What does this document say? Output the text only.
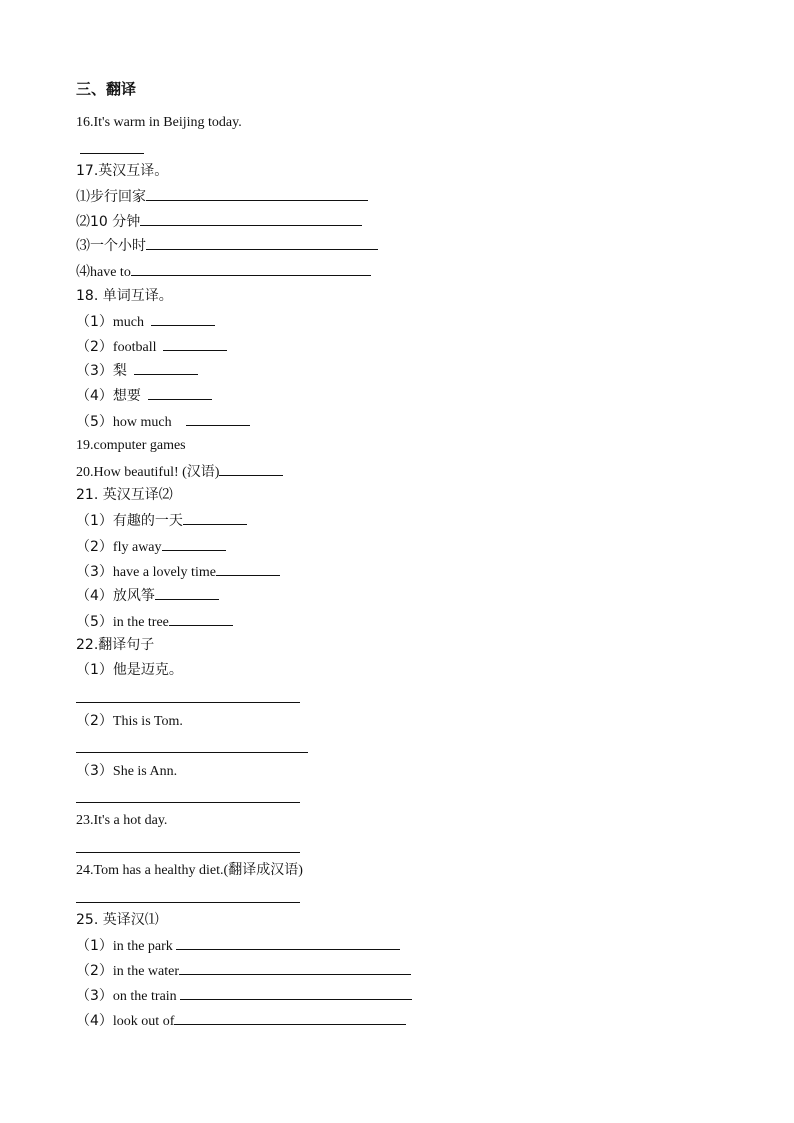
三、翻译
16.It's warm in Beijing today.
17.英汉互译。
⑴步行回家
⑵10 分钟
⑶一个小时
⑷have to
18. 单词互译。
（1）much
（2）football
（3）梨
（4）想要
（5）how much
19.computer games
20.How beautiful! (汉语)
21. 英汉互译⑵
（1）有趣的一天
（2）fly away
（3）have a lovely time
（4）放风筝
（5）in the tree
22.翻译句子
（1）他是迈克。
（2）This is Tom.
（3）She is Ann.
23.It's a hot day.
24.Tom has a healthy diet.(翻译成汉语)
25. 英译汉⑴
（1）in the park
（2）in the water
（3）on the train
（4）look out of
